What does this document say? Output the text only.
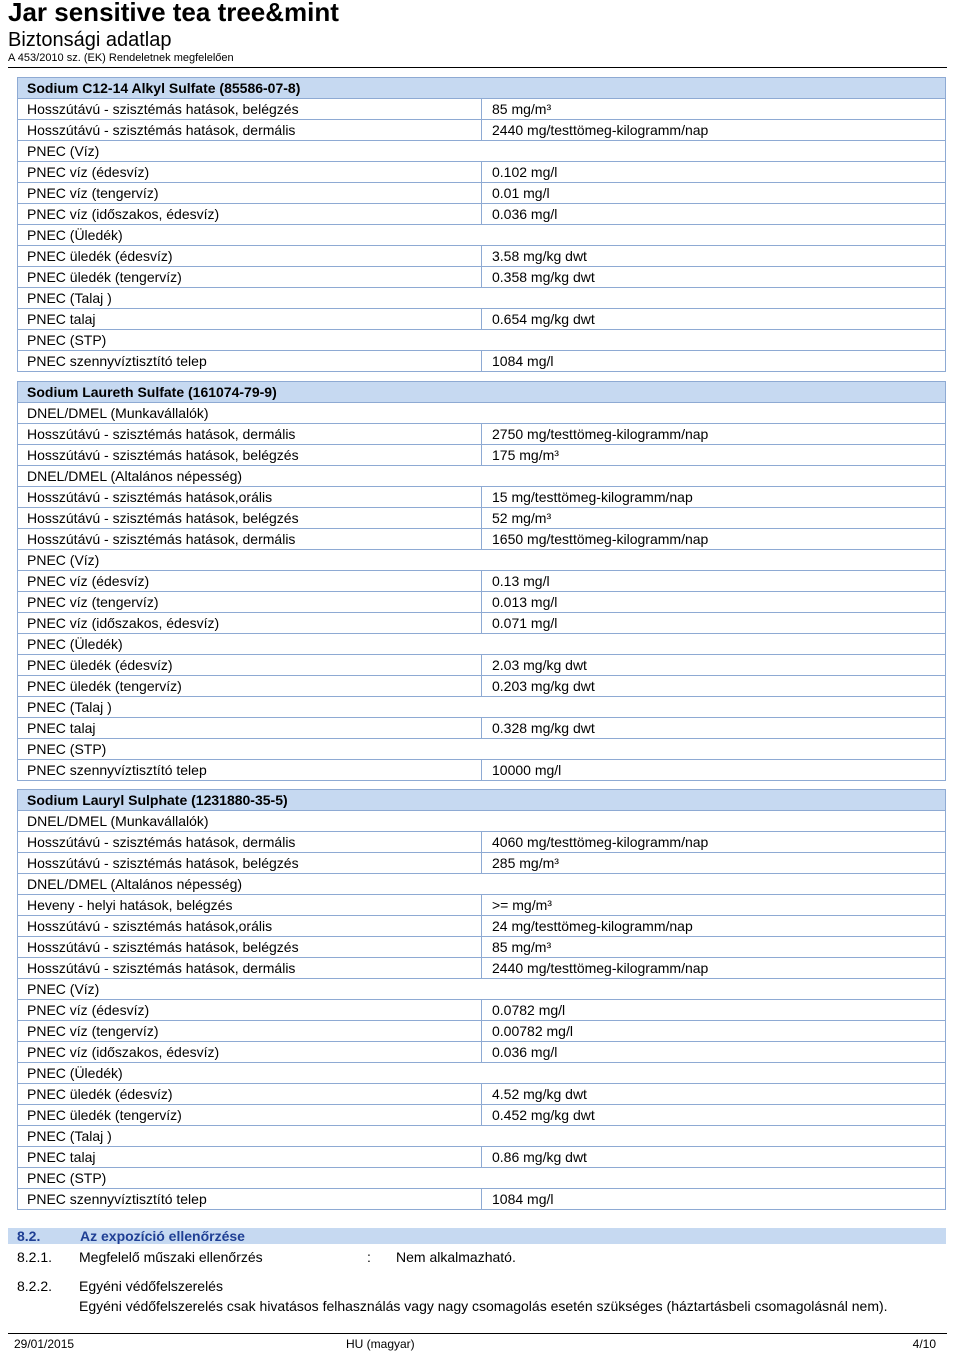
Jar sensitive tea tree&mint
Biztonsági adatlap
A 453/2010 sz. (EK) Rendeletnek megfelelően
Sodium C12-14 Alkyl Sulfate (85586-07-8)	
Hosszútávú - szisztémás hatások, belégzés	85 mg/m³
Hosszútávú - szisztémás hatások, dermális	2440 mg/testtömeg-kilogramm/nap
PNEC (Víz)	
PNEC víz (édesvíz)	0.102 mg/l
PNEC víz (tengervíz)	0.01 mg/l
PNEC víz (időszakos, édesvíz)	0.036 mg/l
PNEC (Üledék)	
PNEC üledék (édesvíz)	3.58 mg/kg dwt
PNEC üledék (tengervíz)	0.358 mg/kg dwt
PNEC (Talaj )	
PNEC talaj	0.654 mg/kg dwt
PNEC (STP)	
PNEC szennyvíztisztító telep	1084 mg/l
Sodium Laureth Sulfate (161074-79-9)	
DNEL/DMEL (Munkavállalók)	
Hosszútávú - szisztémás hatások, dermális	2750 mg/testtömeg-kilogramm/nap
Hosszútávú - szisztémás hatások, belégzés	175 mg/m³
DNEL/DMEL (Altalános népesség)	
Hosszútávú - szisztémás hatások,orális	15 mg/testtömeg-kilogramm/nap
Hosszútávú - szisztémás hatások, belégzés	52 mg/m³
Hosszútávú - szisztémás hatások, dermális	1650 mg/testtömeg-kilogramm/nap
PNEC (Víz)	
PNEC víz (édesvíz)	0.13 mg/l
PNEC víz (tengervíz)	0.013 mg/l
PNEC víz (időszakos, édesvíz)	0.071 mg/l
PNEC (Üledék)	
PNEC üledék (édesvíz)	2.03 mg/kg dwt
PNEC üledék (tengervíz)	0.203 mg/kg dwt
PNEC (Talaj )	
PNEC talaj	0.328 mg/kg dwt
PNEC (STP)	
PNEC szennyvíztisztító telep	10000 mg/l
Sodium Lauryl Sulphate (1231880-35-5)	
DNEL/DMEL (Munkavállalók)	
Hosszútávú - szisztémás hatások, dermális	4060 mg/testtömeg-kilogramm/nap
Hosszútávú - szisztémás hatások, belégzés	285 mg/m³
DNEL/DMEL (Altalános népesség)	
Heveny - helyi hatások, belégzés	>= mg/m³
Hosszútávú - szisztémás hatások,orális	24 mg/testtömeg-kilogramm/nap
Hosszútávú - szisztémás hatások, belégzés	85 mg/m³
Hosszútávú - szisztémás hatások, dermális	2440 mg/testtömeg-kilogramm/nap
PNEC (Víz)	
PNEC víz (édesvíz)	0.0782 mg/l
PNEC víz (tengervíz)	0.00782 mg/l
PNEC víz (időszakos, édesvíz)	0.036 mg/l
PNEC (Üledék)	
PNEC üledék (édesvíz)	4.52 mg/kg dwt
PNEC üledék (tengervíz)	0.452 mg/kg dwt
PNEC (Talaj )	
PNEC talaj	0.86 mg/kg dwt
PNEC (STP)	
PNEC szennyvíztisztító telep	1084 mg/l
8.2.	Az expozíció ellenőrzése
8.2.1. Megfelelő műszaki ellenőrzés	: Nem alkalmazható.
8.2.2. Egyéni védőfelszerelés
Egyéni védőfelszerelés csak hivatásos felhasználás vagy nagy csomagolás esetén szükséges (háztartásbeli csomagolásnál nem).
29/01/2015	HU (magyar)	4/10
